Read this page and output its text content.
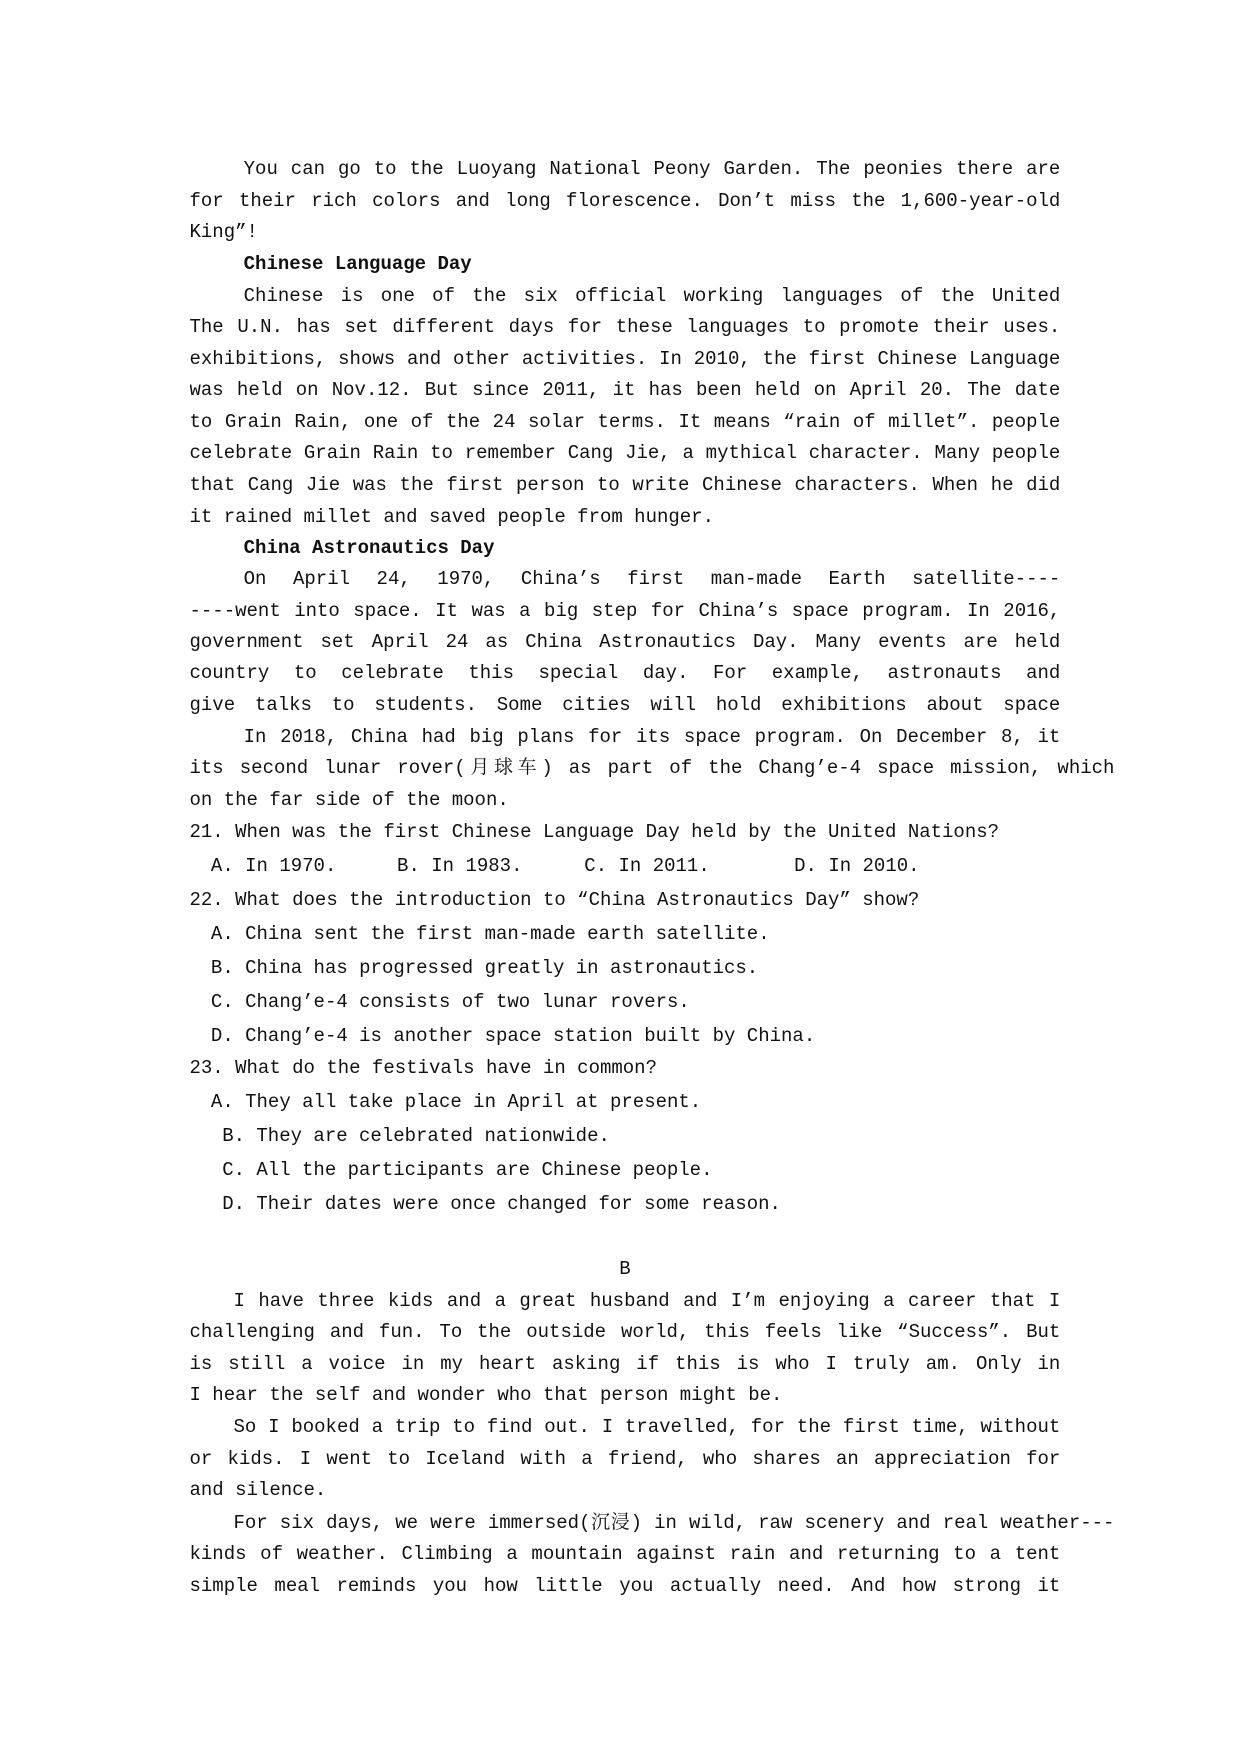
You can go to the Luoyang National Peony Garden. The peonies there are
for their rich colors and long florescence. Don’t miss the 1,600-year-old
King”!
Chinese Language Day
Chinese is one of the six official working languages of the United
The U.N. has set different days for these languages to promote their uses.
exhibitions, shows and other activities. In 2010, the first Chinese Language
was held on Nov.12. But since 2011, it has been held on April 20. The date
to Grain Rain, one of the 24 solar terms. It means “rain of millet”. people
celebrate Grain Rain to remember Cang Jie, a mythical character. Many people
that Cang Jie was the first person to write Chinese characters. When he did
it rained millet and saved people from hunger.
China Astronautics Day
On April 24, 1970, China’s first man-made Earth satellite----
----went into space. It was a big step for China’s space program. In 2016,
government set April 24 as China Astronautics Day. Many events are held
country to celebrate this special day. For example, astronauts and
give talks to students. Some cities will hold exhibitions about space
In 2018, China had big plans for its space program. On December 8, it
its second lunar rover(月球车) as part of the Chang’e-4 space mission, which
on the far side of the moon.
21. When was the first Chinese Language Day held by the United Nations?
A. In 1970.	B. In 1983.	C. In 2011.	D. In 2010.
22. What does the introduction to “China Astronautics Day” show?
A. China sent the first man-made earth satellite.
B. China has progressed greatly in astronautics.
C. Chang’e-4 consists of two lunar rovers.
D. Chang’e-4 is another space station built by China.
23. What do the festivals have in common?
A. They all take place in April at present.
B. They are celebrated nationwide.
C. All the participants are Chinese people.
D. Their dates were once changed for some reason.
B
I have three kids and a great husband and I’m enjoying a career that I
challenging and fun. To the outside world, this feels like “Success”. But
is still a voice in my heart asking if this is who I truly am. Only in
I hear the self and wonder who that person might be.
So I booked a trip to find out. I travelled, for the first time, without
or kids. I went to Iceland with a friend, who shares an appreciation for
and silence.
For six days, we were immersed(沉浸) in wild, raw scenery and real weather---
kinds of weather. Climbing a mountain against rain and returning to a tent
simple meal reminds you how little you actually need. And how strong it
